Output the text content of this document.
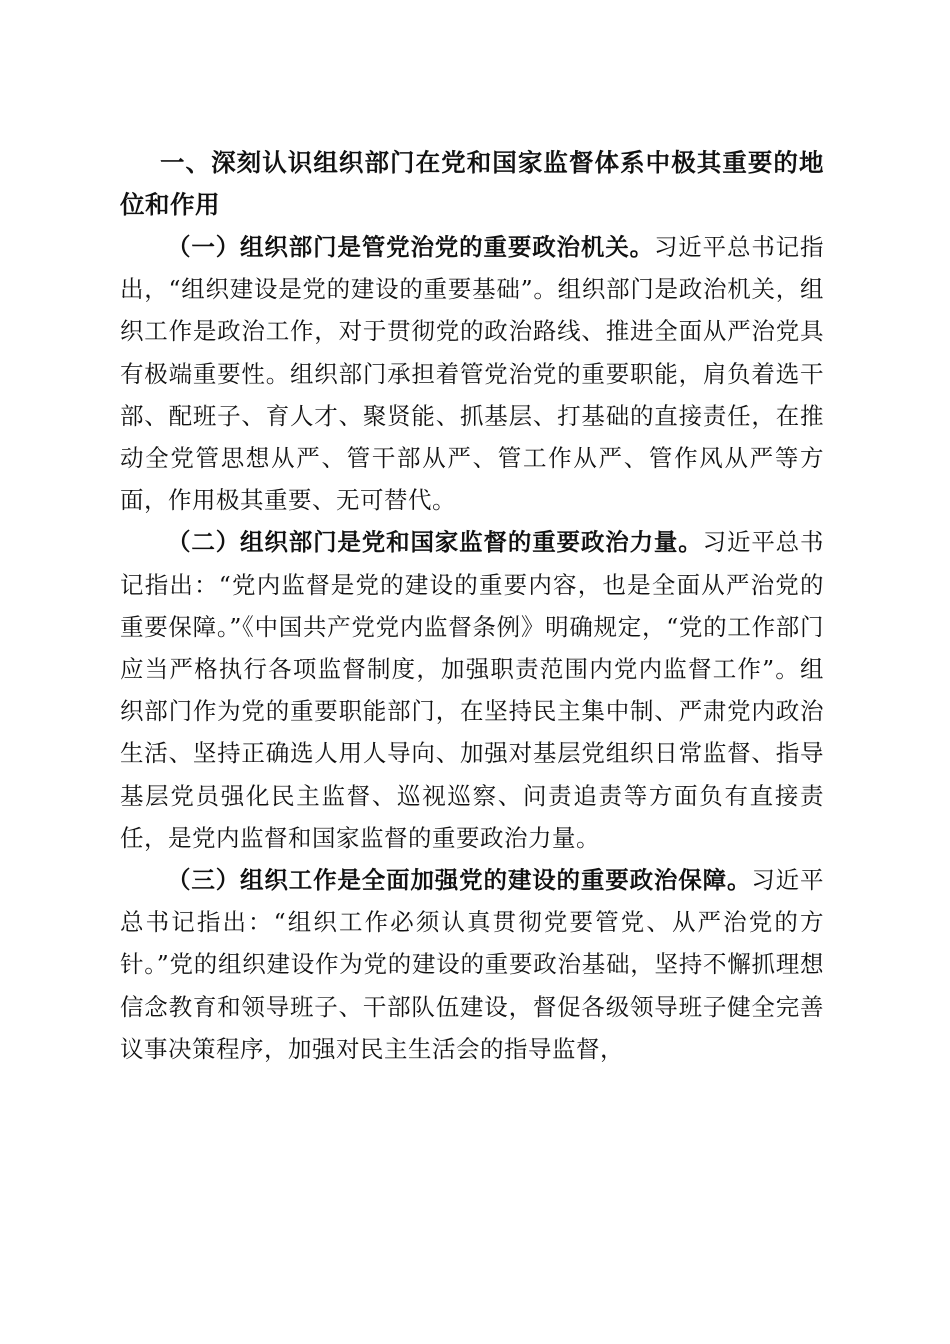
一、深刻认识组织部门在党和国家监督体系中极其重要的地位和作用

（一）组织部门是管党治党的重要政治机关。习近平总书记指出，“组织建设是党的建设的重要基础”。组织部门是政治机关，组织工作是政治工作，对于贯彻党的政治路线、推进全面从严治党具有极端重要性。组织部门承担着管党治党的重要职能，肩负着选干部、配班子、育人才、聚贤能、抓基层、打基础的直接责任，在推动全党管思想从严、管干部从严、管工作从严、管作风从严等方面，作用极其重要、无可替代。

（二）组织部门是党和国家监督的重要政治力量。习近平总书记指出：“党内监督是党的建设的重要内容，也是全面从严治党的重要保障。”《中国共产党党内监督条例》明确规定，“党的工作部门应当严格执行各项监督制度，加强职责范围内党内监督工作”。组织部门作为党的重要职能部门，在坚持民主集中制、严肃党内政治生活、坚持正确选人用人导向、加强对基层党组织日常监督、指导基层党员强化民主监督、巡视巡察、问责追责等方面负有直接责任，是党内监督和国家监督的重要政治力量。

（三）组织工作是全面加强党的建设的重要政治保障。习近平总书记指出：“组织工作必须认真贯彻党要管党、从严治党的方针。”党的组织建设作为党的建设的重要政治基础，坚持不懈抓理想信念教育和领导班子、干部队伍建设，督促各级领导班子健全完善议事决策程序，加强对民主生活会的指导监督，
